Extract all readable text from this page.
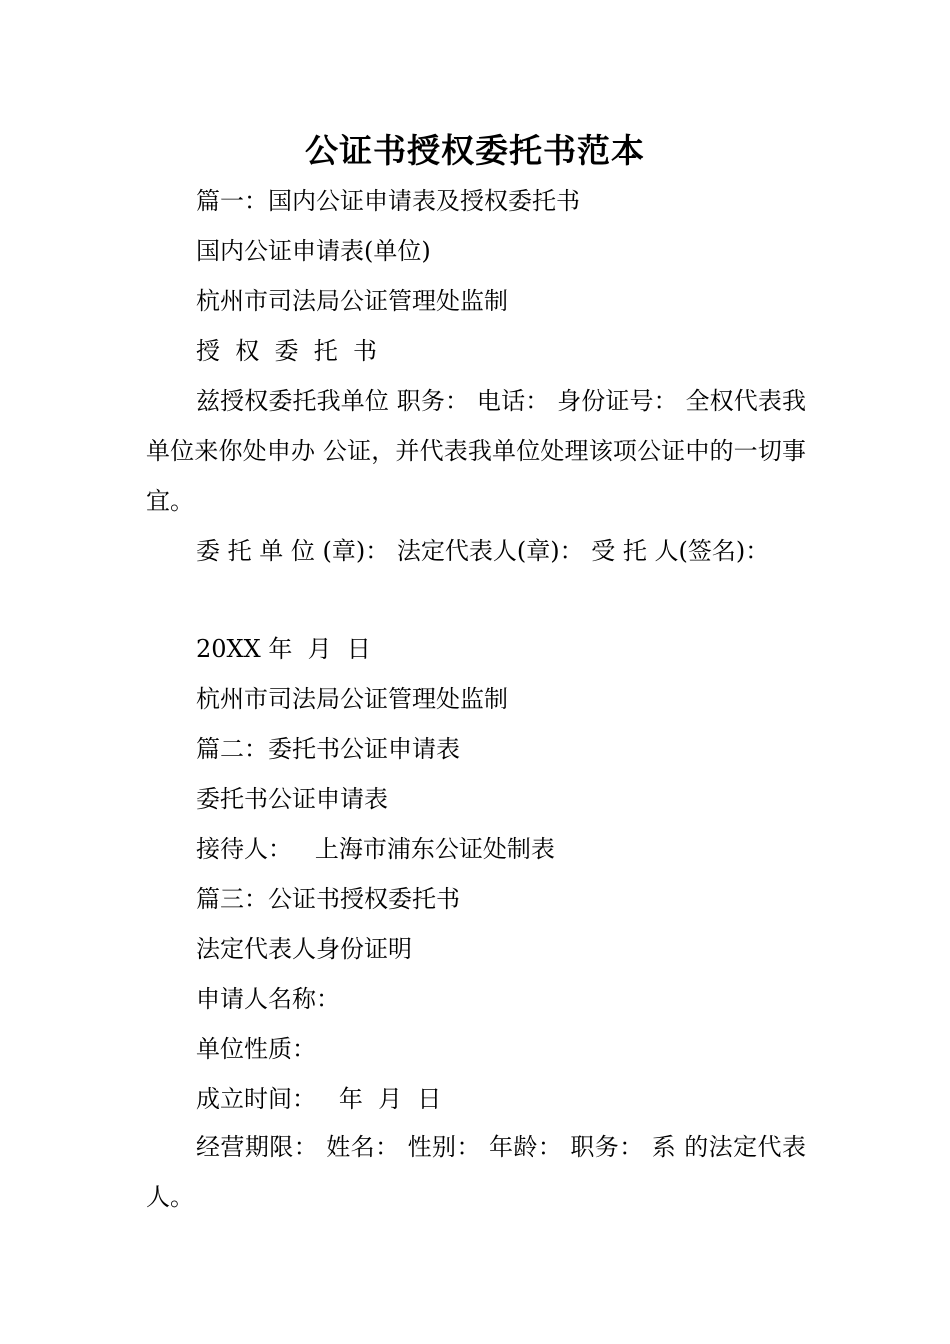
公证书授权委托书范本
篇一：国内公证申请表及授权委托书
国内公证申请表(单位)
杭州市司法局公证管理处监制
授  权  委  托  书
兹授权委托我单位 职务： 电话： 身份证号： 全权代表我单位来你处申办 公证，并代表我单位处理该项公证中的一切事宜。
委 托 单 位 (章)： 法定代表人(章)： 受 托 人(签名)：
20XX 年  月  日
杭州市司法局公证管理处监制
篇二：委托书公证申请表
委托书公证申请表
接待人：   上海市浦东公证处制表
篇三：公证书授权委托书
法定代表人身份证明
申请人名称：
单位性质：
成立时间：   年  月  日
经营期限： 姓名： 性别： 年龄： 职务： 系 的法定代表人。
